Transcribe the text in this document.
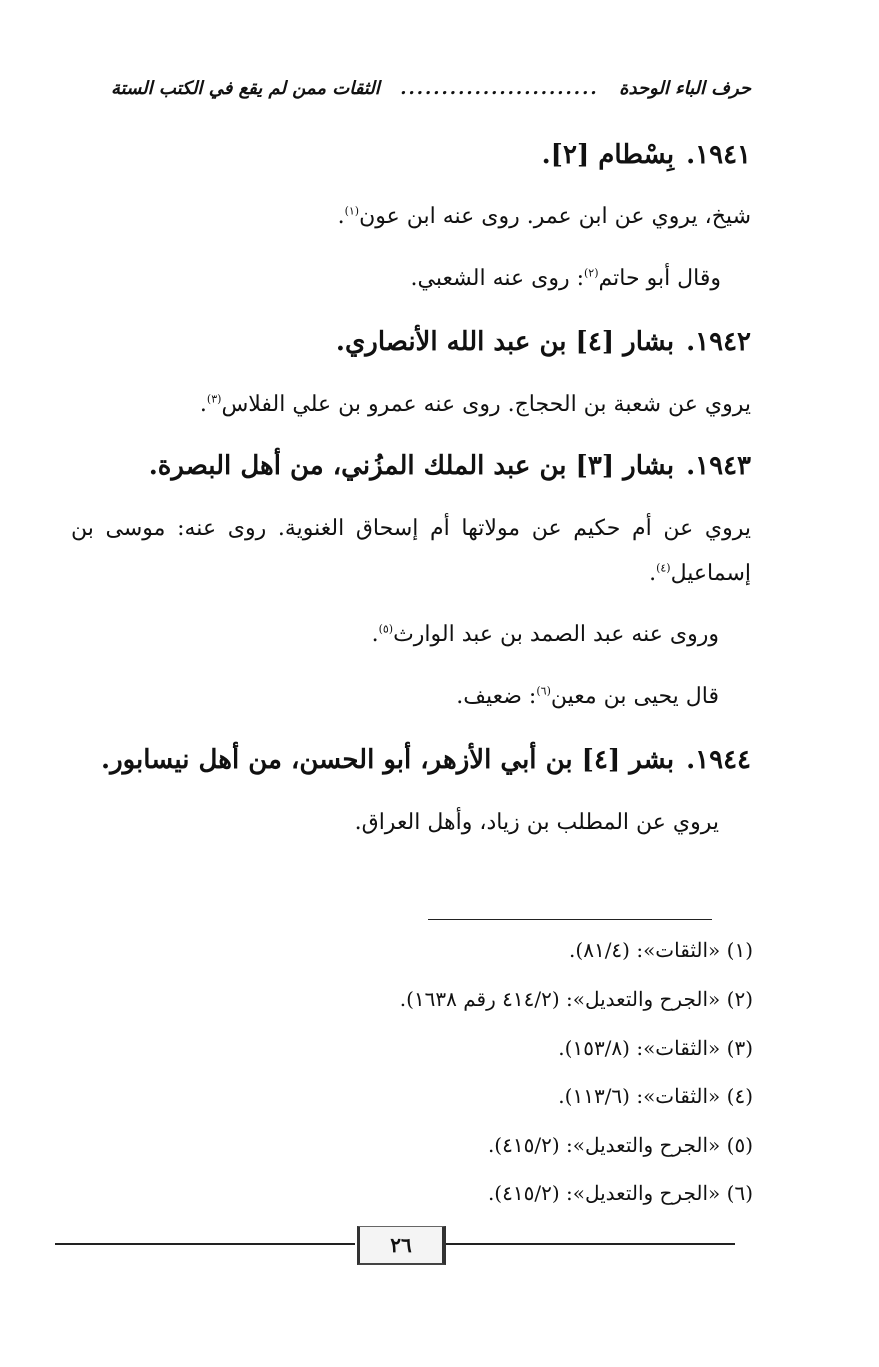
حرف الباء الوحدة
........................
الثقات ممن لم يقع في الكتب الستة
١٩٤١.بِسْطام [٢].
شيخ، يروي عن ابن عمر. روى عنه ابن عون$^{(١)}$.
وقال أبو حاتم$^{(٢)}$: روى عنه الشعبي.
١٩٤٢.بشار [٤] بن عبد الله الأنصاري.
يروي عن شعبة بن الحجاج. روى عنه عمرو بن علي الفلاس$^{(٣)}$.
١٩٤٣.بشار [٣] بن عبد الملك المزُني، من أهل البصرة.
يروي عن أم حكيم عن مولاتها أم إسحاق الغنوية. روى عنه: موسى بن
إسماعيل$^{(٤)}$.
وروى عنه عبد الصمد بن عبد الوارث$^{(٥)}$.
قال يحيى بن معين$^{(٦)}$: ضعيف.
١٩٤٤.بشر [٤] بن أبي الأزهر، أبو الحسن، من أهل نيسابور.
يروي عن المطلب بن زياد، وأهل العراق.
(١) «الثقات»: (٨١/٤).
(٢) «الجرح والتعديل»: (٤١٤/٢ رقم ١٦٣٨).
(٣) «الثقات»: (١٥٣/٨).
(٤) «الثقات»: (١١٣/٦).
(٥) «الجرح والتعديل»: (٤١٥/٢).
(٦) «الجرح والتعديل»: (٤١٥/٢).
٢٦
